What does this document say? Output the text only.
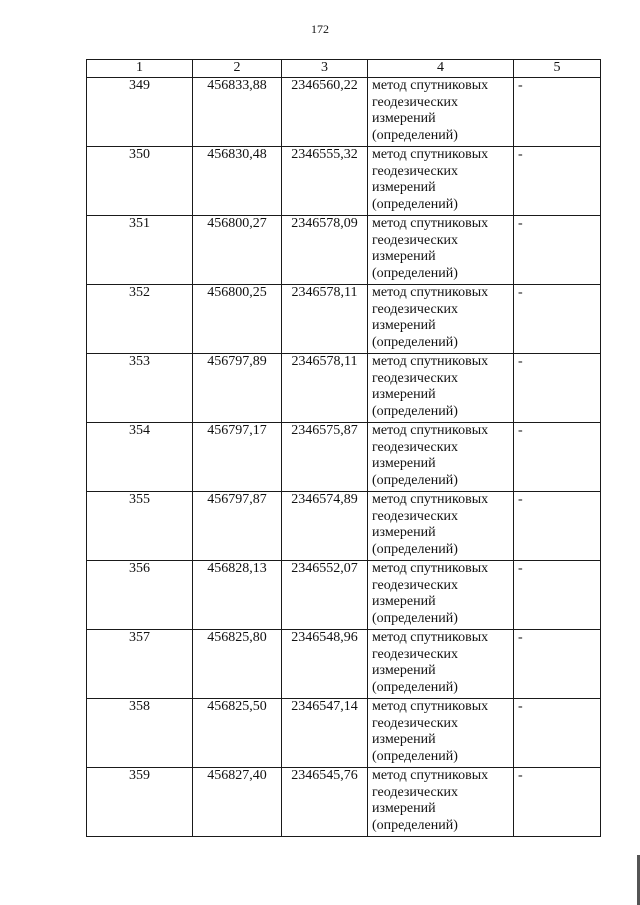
172
1	2	3	4	5
349	456833,88	2346560,22	метод спутниковых
геодезических
измерений
(определений)	-
350	456830,48	2346555,32	метод спутниковых
геодезических
измерений
(определений)	-
351	456800,27	2346578,09	метод спутниковых
геодезических
измерений
(определений)	-
352	456800,25	2346578,11	метод спутниковых
геодезических
измерений
(определений)	-
353	456797,89	2346578,11	метод спутниковых
геодезических
измерений
(определений)	-
354	456797,17	2346575,87	метод спутниковых
геодезических
измерений
(определений)	-
355	456797,87	2346574,89	метод спутниковых
геодезических
измерений
(определений)	-
356	456828,13	2346552,07	метод спутниковых
геодезических
измерений
(определений)	-
357	456825,80	2346548,96	метод спутниковых
геодезических
измерений
(определений)	-
358	456825,50	2346547,14	метод спутниковых
геодезических
измерений
(определений)	-
359	456827,40	2346545,76	метод спутниковых
геодезических
измерений
(определений)	-
